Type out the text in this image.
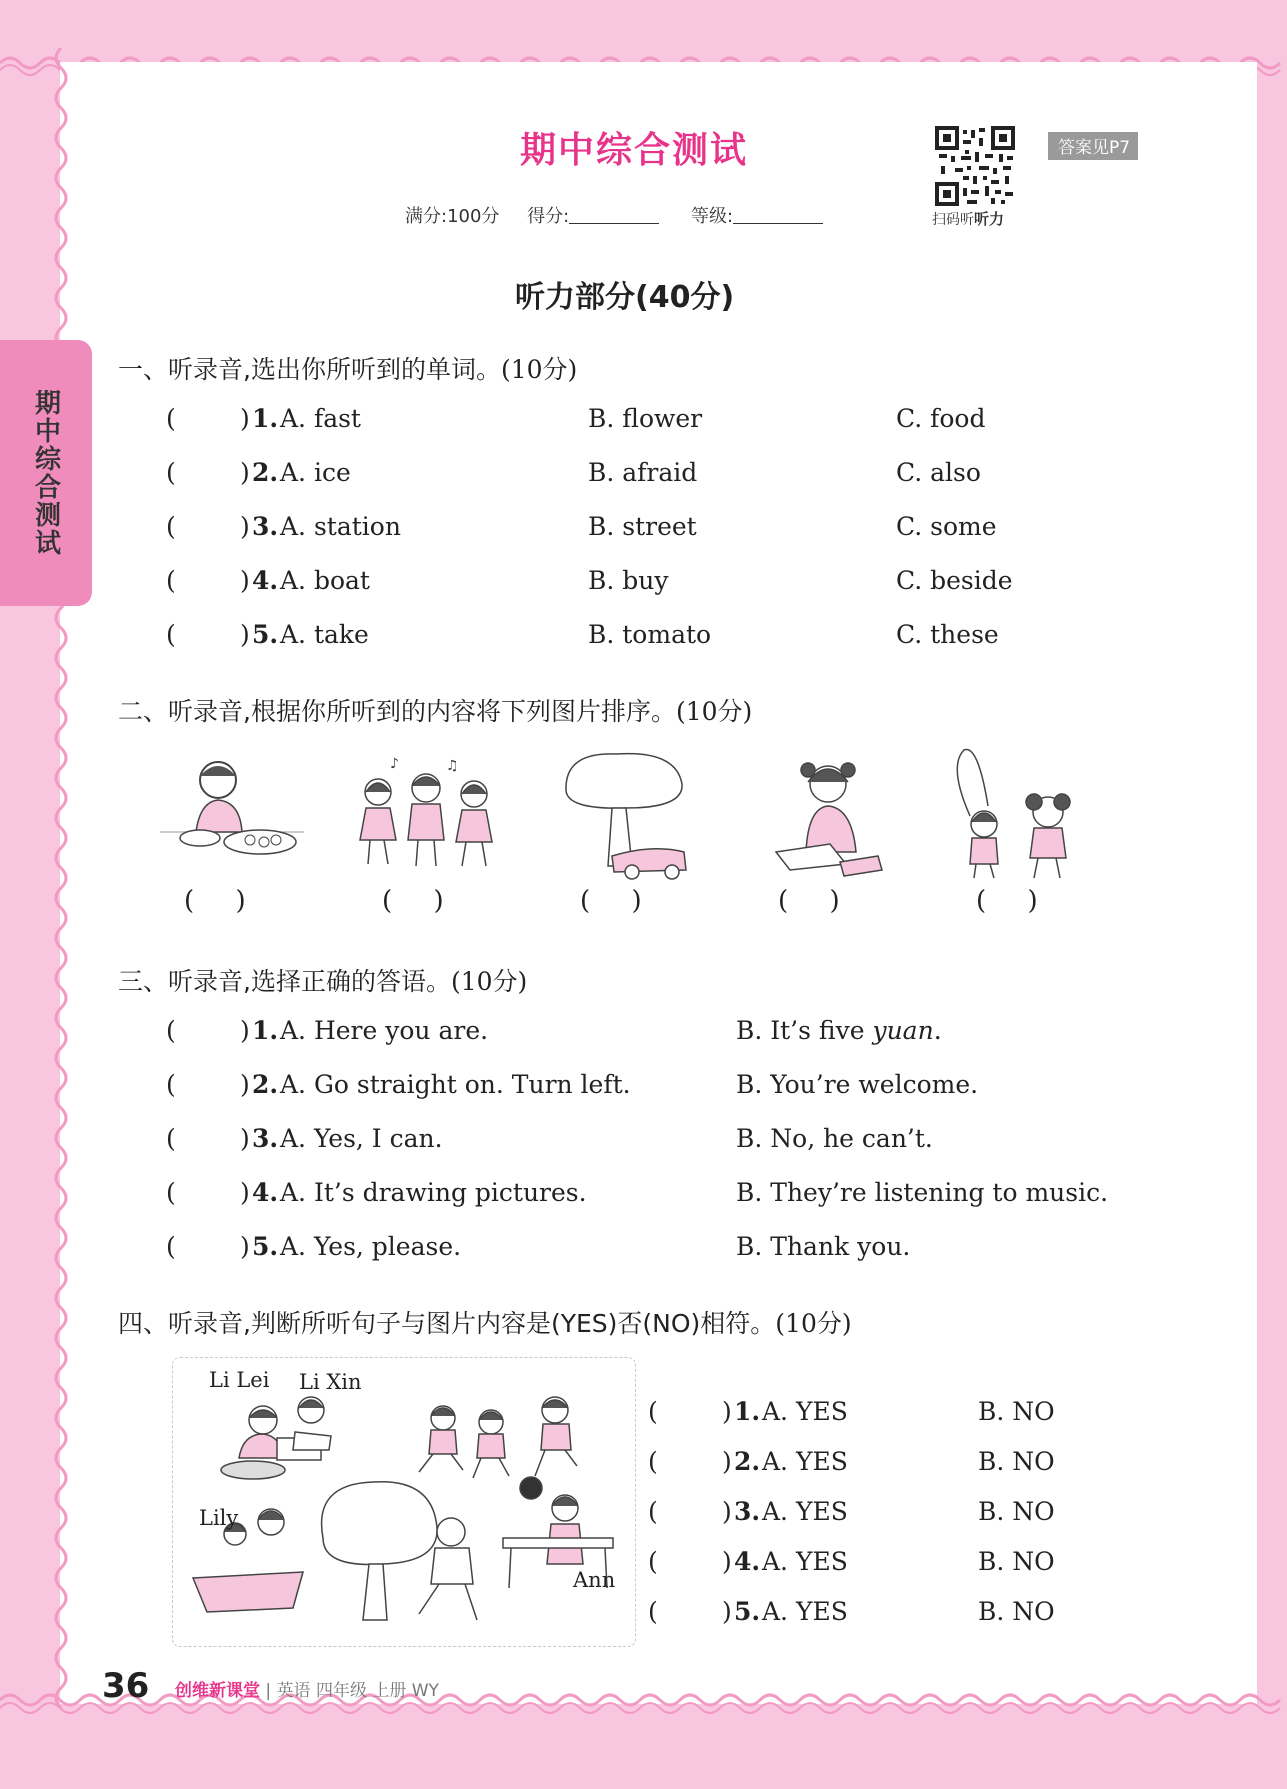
期中综合测试
期中综合测试
扫码听听力
答案见P7
满分:100分 得分:	等级:
听力部分(40分)
一、听录音,选出你所听到的单词。(10分)
(	) 1. A. fast	B. flower	C. food
(	) 2. A. ice	B. afraid	C. also
(	) 3. A. station	B. street	C. some
(	) 4. A. boat	B. buy	C. beside
(	) 5. A. take	B. tomato	C. these
二、听录音,根据你所听到的内容将下列图片排序。(10分)
♪	♫
(     )	(     )	(     )	(     )	(     )
三、听录音,选择正确的答语。(10分)
(	) 1. A. Here you are.	B. It’s five yuan.
(	) 2. A. Go straight on. Turn left.	B. You’re welcome.
(	) 3. A. Yes, I can.	B. No, he can’t.
(	) 4. A. It’s drawing pictures.	B. They’re listening to music.
(	) 5. A. Yes, please.	B. Thank you.
四、听录音,判断所听句子与图片内容是(YES)否(NO)相符。(10分)
Li Lei Li Xin
Lily
Ann
(	) 1. A. YES	B. NO
(	) 2. A. YES	B. NO
(	) 3. A. YES	B. NO
(	) 4. A. YES	B. NO
(	) 5. A. YES	B. NO
36 创维新课堂 | 英语 四年级 上册 WY
